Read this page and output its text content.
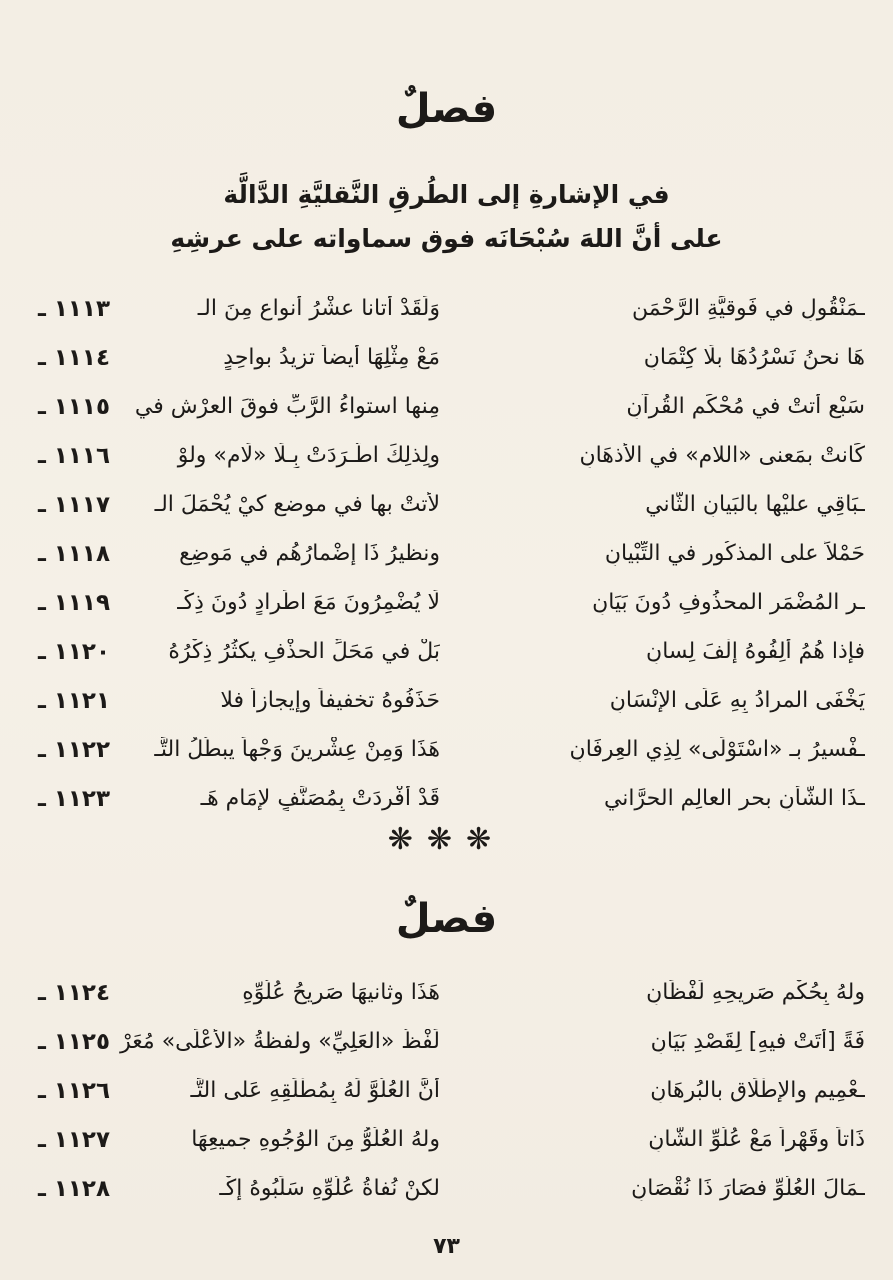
فصلٌ
في الإشارةِ إلى الطُرقِ النَّقليَّةِ الدَّالَّة
على أنَّ اللهَ سُبْحَانَه فوق سماواته على عرشِهِ
١١١٣ ـ	وَلَقَدْ أتانا عشْرُ أنواعٍ مِنَ الـ	ـمَنْقُولِ في فَوقيَّةِ الرَّحْمَنِ
١١١٤ ـ	مَعْ مِثْلِهَا أيضاً تزيدُ بواحِدٍ	هَا نحنُ نَسْرُدُهَا بلَا كِتْمَانِ
١١١٥ ـ	مِنها استواءُ الرَّبِّ فوقَ العرْشِ في	سَبْعٍ أتتْ في مُحْكَمِ القُرآنِ
١١١٦ ـ	ولِذلِكَ اطَّـرَدَتْ بِـلَا «لَام» ولوْ	كَانتْ بمَعنى «اللام» في الأذهَانِ
١١١٧ ـ	لأتتْ بها في موضعٍ كيْ يُحْمَلَ الـ	ـبَاقِي عليْها بالبَيانِ الثَّاني
١١١٨ ـ	ونظيرُ ذَا إضْمارُهُم في مَوضِعٍ	حَمْلاً على المذكُورِ في التِّبْيانِ
١١١٩ ـ	لَا يُضْمِرُونَ مَعَ اطِّرادٍ دُونَ ذِكْـ	ـرِ المُضْمَرِ المحذُوفِ دُونَ بَيَانِ
١١٢٠ ـ	بَلْ في مَحَلِّ الحذْفِ يكثُرُ ذِكْرُهُ	فإذا هُمُ ألِفُوهُ إلْفَ لِسانِ
١١٢١ ـ	حَذَفُوهُ تخفيفاً وإيجازاً فلا	يَخْفَى المرادُ بِهِ عَلَى الإنْسَانِ
١١٢٢ ـ	هَذَا وَمِنْ عِشْرِينَ وَجْهاً يبطُلُ التَّـ	ـفْسيرُ بـ «اسْتَوْلَى» لِذِي العِرفَانِ
١١٢٣ ـ	قَدْ أُفْرِدَتْ بِمُصَنَّفٍ لإمَامِ هَـ	ـذَا الشَّأنِ بحرِ العالِمِ الحرَّاني
❋❋❋
فصلٌ
١١٢٤ ـ	هَذَا وثانيهَا صَريحُ عُلُوِّهِ	ولهُ بِحُكْمِ صَريحِهِ لَفْظَانِ
١١٢٥ ـ لَفْظُ «العَلِيِّ» ولفظةُ «الأعْلَى» مُعَرْ	فَةً [أتَتْ فيهِ] لِقَصْدِ بَيَانِ
١١٢٦ ـ	أنَّ العُلُوَّ لَهُ بِمُطْلَقِهِ عَلى التَّـ	ـعْمِيمِ والإطْلَاقِ بالبُرهَانِ
١١٢٧ ـ	ولهُ العُلُوُّ مِنَ الوُجُوهِ جميعِهَا	ذَاتاً وقَهْراً مَعْ عُلُوِّ الشَّانِ
١١٢٨ ـ	لكنْ نُفاةُ عُلُوِّهِ سَلَبُوهُ إكْـ	ـمَالَ العُلُوِّ فصَارَ ذَا نُقْصَانِ
٧٣
